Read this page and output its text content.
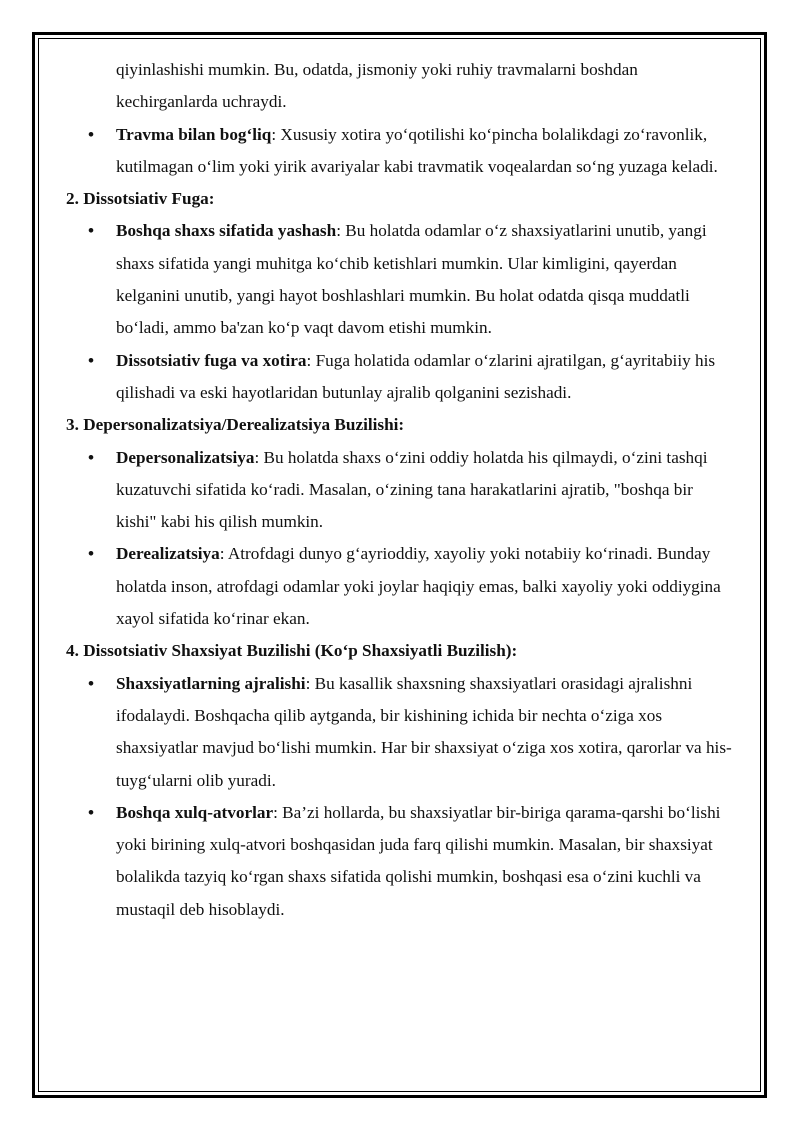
qiyinlashishi mumkin. Bu, odatda, jismoniy yoki ruhiy travmalarni boshdan kechirganlarda uchraydi.

• Travma bilan bog‘liq: Xususiy xotira yo‘qotilishi ko‘pincha bolalikdagi zo‘ravonlik, kutilmagan o‘lim yoki yirik avariyalar kabi travmatik voqealardan so‘ng yuzaga keladi.

2. Dissotsiativ Fuga:

• Boshqa shaxs sifatida yashash: Bu holatda odamlar o‘z shaxsiyatlarini unutib, yangi shaxs sifatida yangi muhitga ko‘chib ketishlari mumkin. Ular kimligini, qayerdan kelganini unutib, yangi hayot boshlashlari mumkin. Bu holat odatda qisqa muddatli bo‘ladi, ammo ba'zan ko‘p vaqt davom etishi mumkin.

• Dissotsiativ fuga va xotira: Fuga holatida odamlar o‘zlarini ajratilgan, g‘ayritabiiy his qilishadi va eski hayotlaridan butunlay ajralib qolganini sezishadi.

3. Depersonalizatsiya/Derealizatsiya Buzilishi:

• Depersonalizatsiya: Bu holatda shaxs o‘zini oddiy holatda his qilmaydi, o‘zini tashqi kuzatuvchi sifatida ko‘radi. Masalan, o‘zining tana harakatlarini ajratib, "boshqa bir kishi" kabi his qilish mumkin.

• Derealizatsiya: Atrofdagi dunyo g‘ayrioddiy, xayoliy yoki notabiiy ko‘rinadi. Bunday holatda inson, atrofdagi odamlar yoki joylar haqiqiy emas, balki xayoliy yoki oddiygina xayol sifatida ko‘rinar ekan.

4. Dissotsiativ Shaxsiyat Buzilishi (Ko‘p Shaxsiyatli Buzilish):

• Shaxsiyatlarning ajralishi: Bu kasallik shaxsning shaxsiyatlari orasidagi ajralishni ifodalaydi. Boshqacha qilib aytganda, bir kishining ichida bir nechta o‘ziga xos shaxsiyatlar mavjud bo‘lishi mumkin. Har bir shaxsiyat o‘ziga xos xotira, qarorlar va his-tuyg‘ularni olib yuradi.

• Boshqa xulq-atvorlar: Ba’zi hollarda, bu shaxsiyatlar bir-biriga qarama-qarshi bo‘lishi yoki birining xulq-atvori boshqasidan juda farq qilishi mumkin. Masalan, bir shaxsiyat bolalikda tazyiq ko‘rgan shaxs sifatida qolishi mumkin, boshqasi esa o‘zini kuchli va mustaqil deb hisoblaydi.
